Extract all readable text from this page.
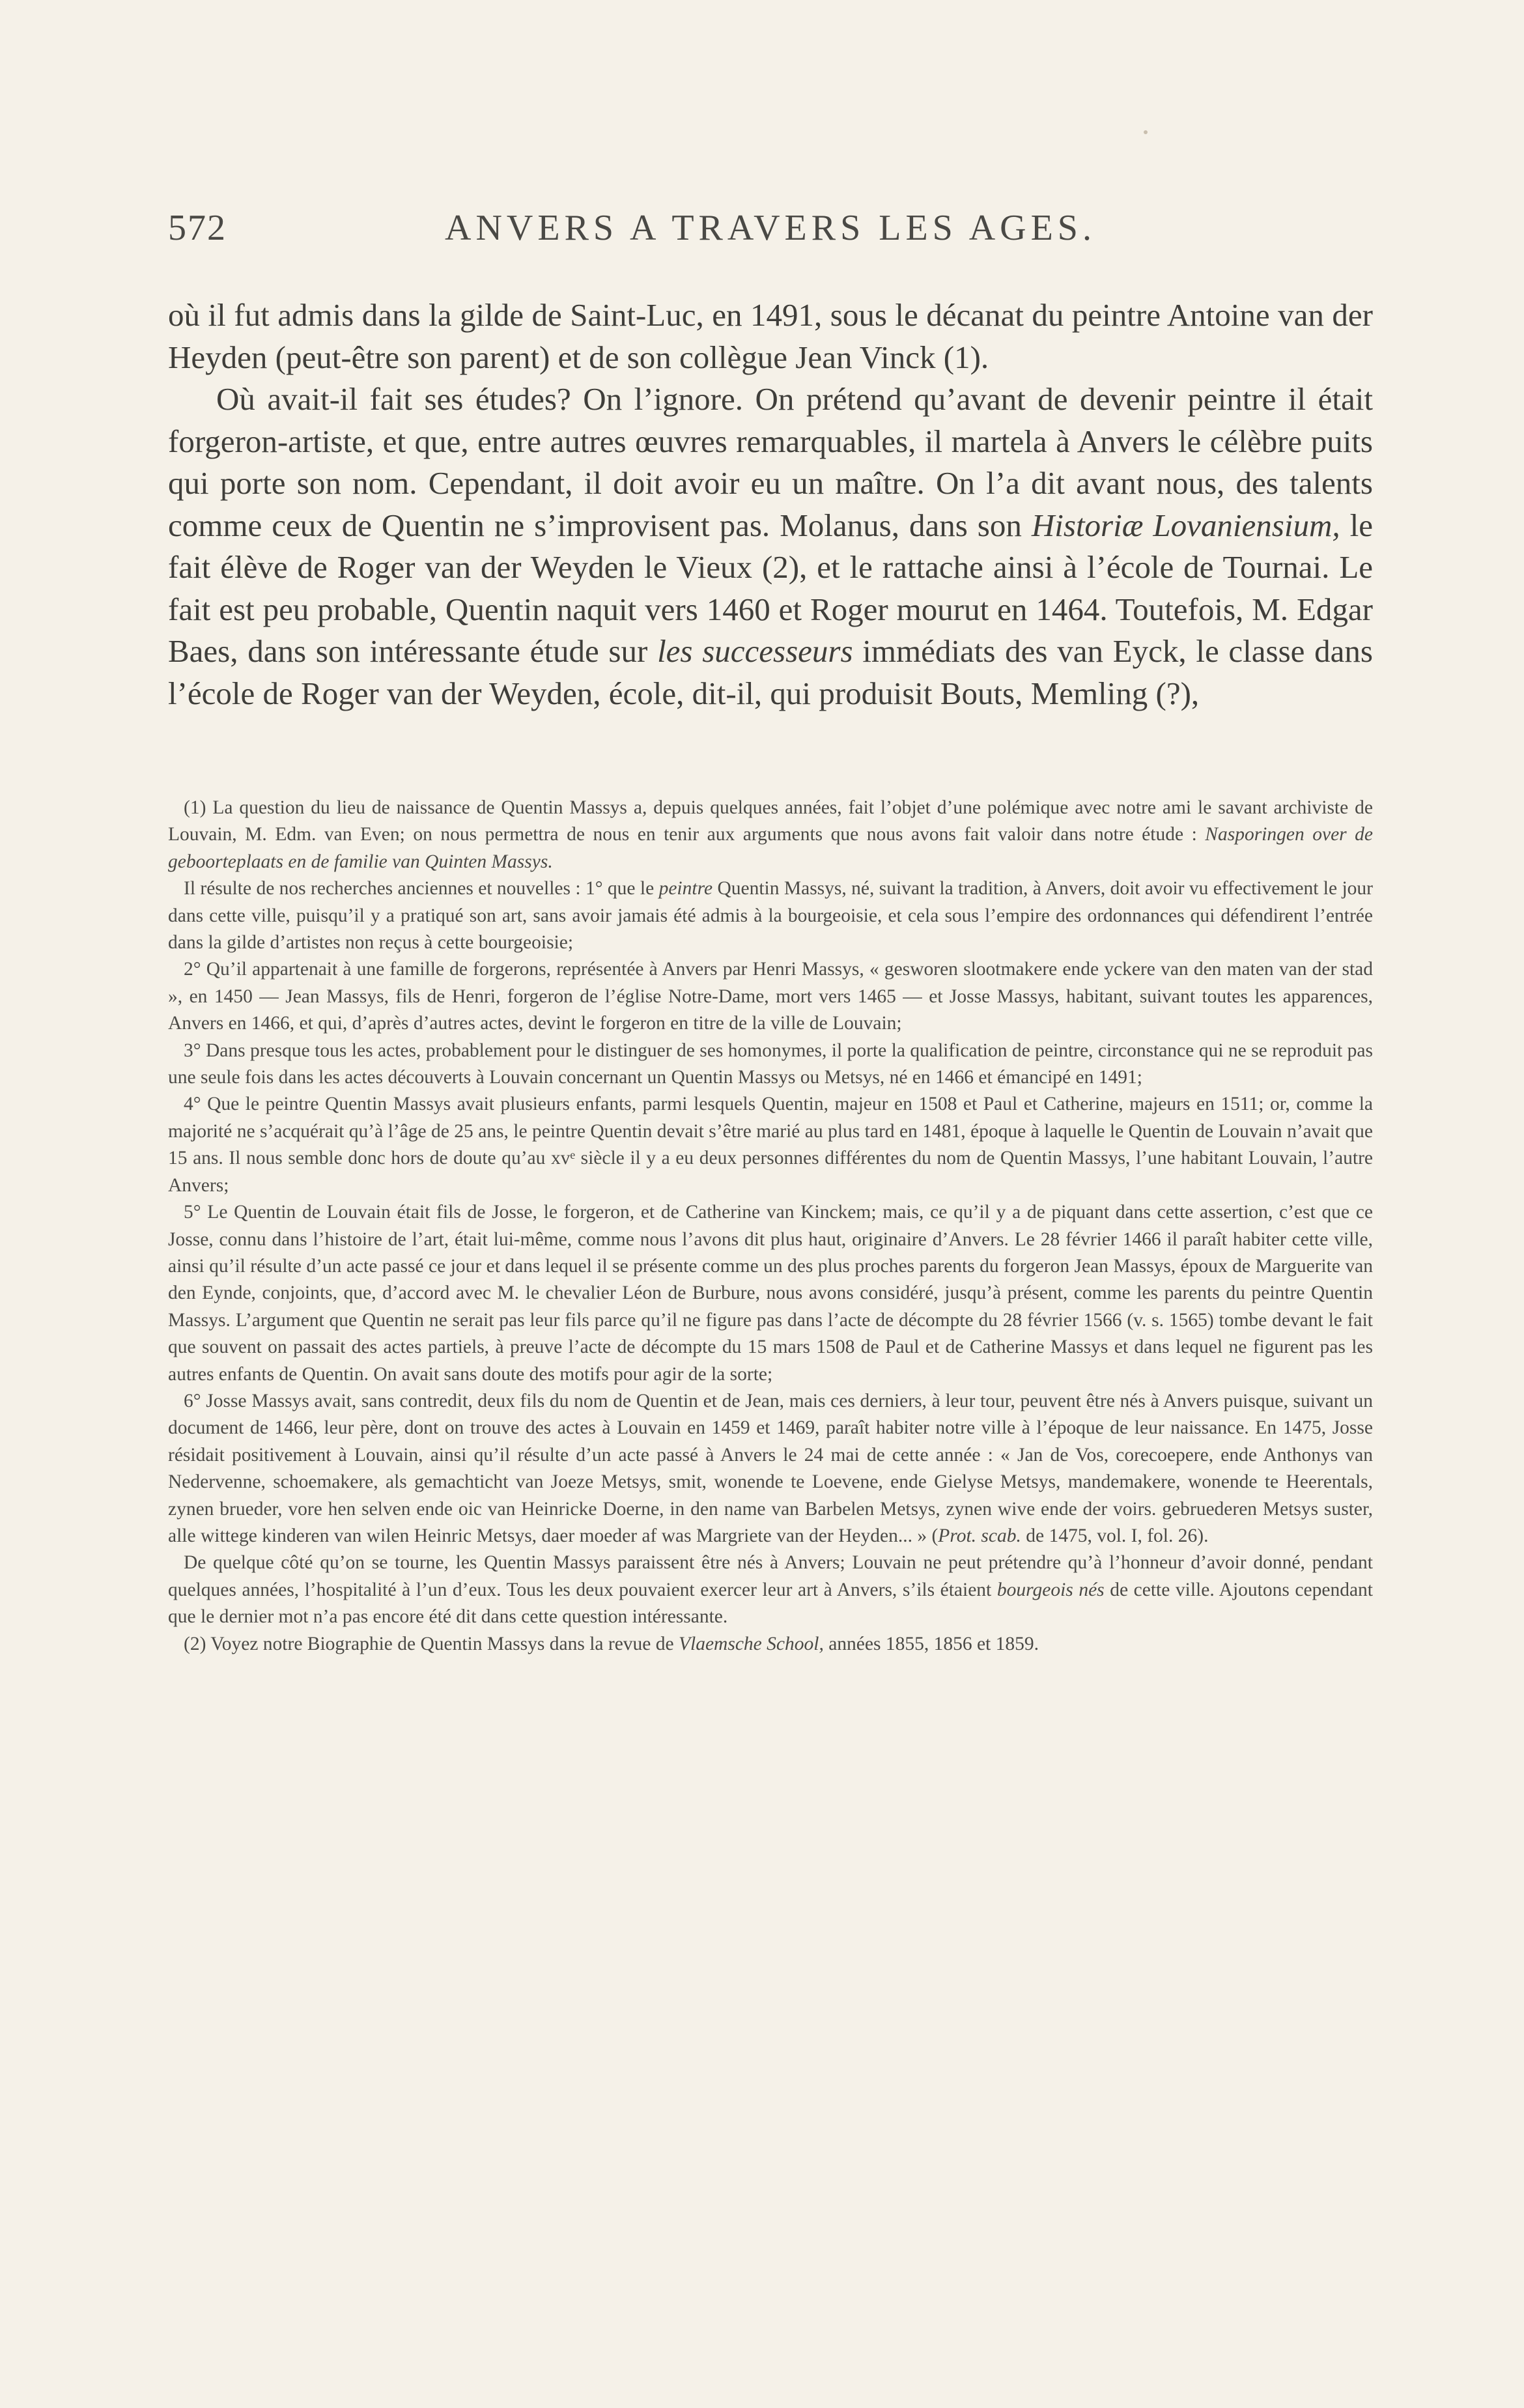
572	ANVERS A TRAVERS LES AGES.

où il fut admis dans la gilde de Saint-Luc, en 1491, sous le décanat du peintre Antoine van der Heyden (peut-être son parent) et de son collègue Jean Vinck (1).

Où avait-il fait ses études? On l’ignore. On prétend qu’avant de devenir peintre il était forgeron-artiste, et que, entre autres œuvres remarquables, il martela à Anvers le célèbre puits qui porte son nom. Cependant, il doit avoir eu un maître. On l’a dit avant nous, des talents comme ceux de Quentin ne s’improvisent pas. Molanus, dans son Historiæ Lovaniensium, le fait élève de Roger van der Weyden le Vieux (2), et le rattache ainsi à l’école de Tournai. Le fait est peu probable, Quentin naquit vers 1460 et Roger mourut en 1464. Toutefois, M. Edgar Baes, dans son intéressante étude sur les successeurs immédiats des van Eyck, le classe dans l’école de Roger van der Weyden, école, dit-il, qui produisit Bouts, Memling (?),

(1) La question du lieu de naissance de Quentin Massys a, depuis quelques années, fait l’objet d’une polémique avec notre ami le savant archiviste de Louvain, M. Edm. van Even; on nous permettra de nous en tenir aux arguments que nous avons fait valoir dans notre étude : Nasporingen over de geboorteplaats en de familie van Quinten Massys.

Il résulte de nos recherches anciennes et nouvelles : 1° que le peintre Quentin Massys, né, suivant la tradition, à Anvers, doit avoir vu effectivement le jour dans cette ville, puisqu’il y a pratiqué son art, sans avoir jamais été admis à la bourgeoisie, et cela sous l’empire des ordonnances qui défendirent l’entrée dans la gilde d’artistes non reçus à cette bourgeoisie;

2° Qu’il appartenait à une famille de forgerons, représentée à Anvers par Henri Massys, « gesworen slootmakere ende yckere van den maten van der stad », en 1450 — Jean Massys, fils de Henri, forgeron de l’église Notre-Dame, mort vers 1465 — et Josse Massys, habitant, suivant toutes les apparences, Anvers en 1466, et qui, d’après d’autres actes, devint le forgeron en titre de la ville de Louvain;

3° Dans presque tous les actes, probablement pour le distinguer de ses homonymes, il porte la qualification de peintre, circonstance qui ne se reproduit pas une seule fois dans les actes découverts à Louvain concernant un Quentin Massys ou Metsys, né en 1466 et émancipé en 1491;

4° Que le peintre Quentin Massys avait plusieurs enfants, parmi lesquels Quentin, majeur en 1508 et Paul et Catherine, majeurs en 1511; or, comme la majorité ne s’acquérait qu’à l’âge de 25 ans, le peintre Quentin devait s’être marié au plus tard en 1481, époque à laquelle le Quentin de Louvain n’avait que 15 ans. Il nous semble donc hors de doute qu’au xvᵉ siècle il y a eu deux personnes différentes du nom de Quentin Massys, l’une habitant Louvain, l’autre Anvers;

5° Le Quentin de Louvain était fils de Josse, le forgeron, et de Catherine van Kinckem; mais, ce qu’il y a de piquant dans cette assertion, c’est que ce Josse, connu dans l’histoire de l’art, était lui-même, comme nous l’avons dit plus haut, originaire d’Anvers. Le 28 février 1466 il paraît habiter cette ville, ainsi qu’il résulte d’un acte passé ce jour et dans lequel il se présente comme un des plus proches parents du forgeron Jean Massys, époux de Marguerite van den Eynde, conjoints, que, d’accord avec M. le chevalier Léon de Burbure, nous avons considéré, jusqu’à présent, comme les parents du peintre Quentin Massys. L’argument que Quentin ne serait pas leur fils parce qu’il ne figure pas dans l’acte de décompte du 28 février 1566 (v. s. 1565) tombe devant le fait que souvent on passait des actes partiels, à preuve l’acte de décompte du 15 mars 1508 de Paul et de Catherine Massys et dans lequel ne figurent pas les autres enfants de Quentin. On avait sans doute des motifs pour agir de la sorte;

6° Josse Massys avait, sans contredit, deux fils du nom de Quentin et de Jean, mais ces derniers, à leur tour, peuvent être nés à Anvers puisque, suivant un document de 1466, leur père, dont on trouve des actes à Louvain en 1459 et 1469, paraît habiter notre ville à l’époque de leur naissance. En 1475, Josse résidait positivement à Louvain, ainsi qu’il résulte d’un acte passé à Anvers le 24 mai de cette année : « Jan de Vos, corecoepere, ende Anthonys van Nedervenne, schoemakere, als gemachticht van Joeze Metsys, smit, wonende te Loevene, ende Gielyse Metsys, mandemakere, wonende te Heerentals, zynen brueder, vore hen selven ende oic van Heinricke Doerne, in den name van Barbelen Metsys, zynen wive ende der voirs. gebruederen Metsys suster, alle wittege kinderen van wilen Heinric Metsys, daer moeder af was Margriete van der Heyden... » (Prot. scab. de 1475, vol. I, fol. 26).

De quelque côté qu’on se tourne, les Quentin Massys paraissent être nés à Anvers; Louvain ne peut prétendre qu’à l’honneur d’avoir donné, pendant quelques années, l’hospitalité à l’un d’eux. Tous les deux pouvaient exercer leur art à Anvers, s’ils étaient bourgeois nés de cette ville. Ajoutons cependant que le dernier mot n’a pas encore été dit dans cette question intéressante.

(2) Voyez notre Biographie de Quentin Massys dans la revue de Vlaemsche School, années 1855, 1856 et 1859.
